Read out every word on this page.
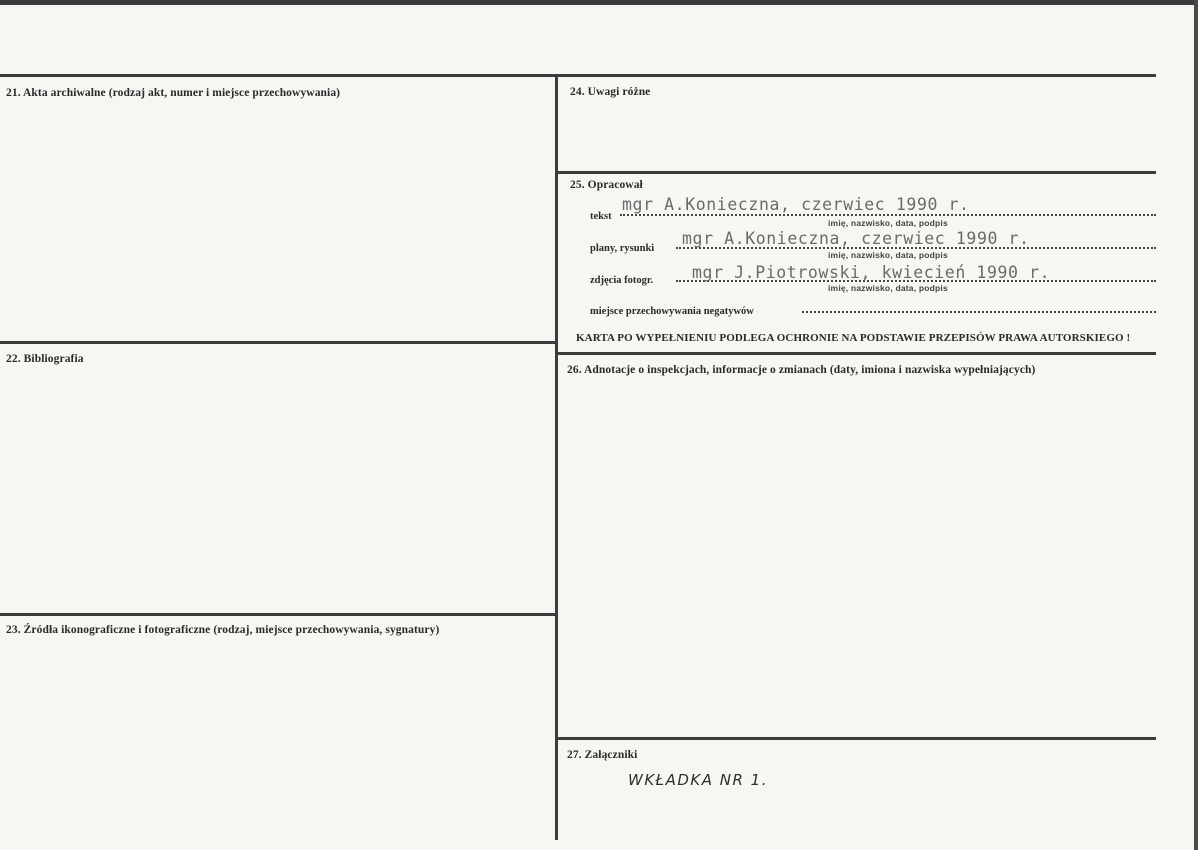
21. Akta archiwalne (rodzaj akt, numer i miejsce przechowywania)
22. Bibliografia
23. Źródła ikonograficzne i fotograficzne (rodzaj, miejsce przechowywania, sygnatury)
24. Uwagi różne
25. Opracował
tekst
mgr A.Konieczna, czerwiec 1990 r.
imię, nazwisko, data, podpis
plany, rysunki
mgr A.Konieczna, czerwiec 1990 r.
imię, nazwisko, data, podpis
zdjęcia fotogr. mgr J.Piotrowski, kwiecień 1990 r.
imię, nazwisko, data, podpis
miejsce przechowywania negatywów
KARTA PO WYPEŁNIENIU PODLEGA OCHRONIE NA PODSTAWIE PRZEPISÓW PRAWA AUTORSKIEGO !
26. Adnotacje o inspekcjach, informacje o zmianach (daty, imiona i nazwiska wypełniających)
27. Załączniki
WKŁADKA NR 1.
